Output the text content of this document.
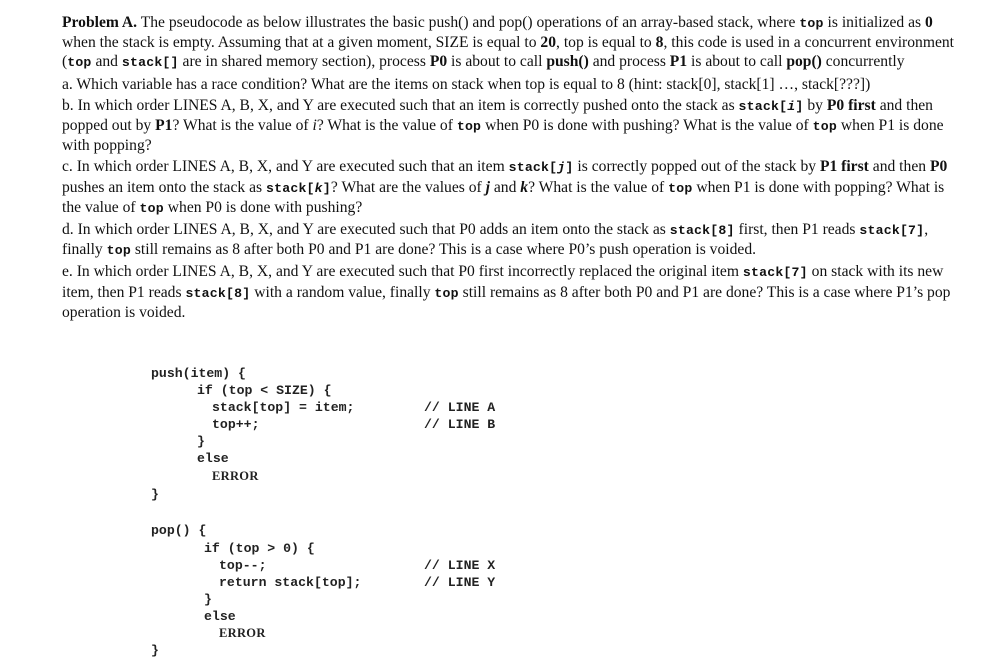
Problem A. The pseudocode as below illustrates the basic push() and pop() operations of an array-based stack, where top is initialized as 0 when the stack is empty. Assuming that at a given moment, SIZE is equal to 20, top is equal to 8, this code is used in a concurrent environment (top and stack[] are in shared memory section), process P0 is about to call push() and process P1 is about to call pop() concurrently

a. Which variable has a race condition? What are the items on stack when top is equal to 8 (hint: stack[0], stack[1] …, stack[???])

b. In which order LINES A, B, X, and Y are executed such that an item is correctly pushed onto the stack as stack[i] by P0 first and then popped out by P1? What is the value of i? What is the value of top when P0 is done with pushing? What is the value of top when P1 is done with popping?

c. In which order LINES A, B, X, and Y are executed such that an item stack[j] is correctly popped out of the stack by P1 first and then P0 pushes an item onto the stack as stack[k]? What are the values of j and k? What is the value of top when P1 is done with popping? What is the value of top when P0 is done with pushing?

d. In which order LINES A, B, X, and Y are executed such that P0 adds an item onto the stack as stack[8] first, then P1 reads stack[7], finally top still remains as 8 after both P0 and P1 are done? This is a case where P0’s push operation is voided.

e. In which order LINES A, B, X, and Y are executed such that P0 first incorrectly replaced the original item stack[7] on stack with its new item, then P1 reads stack[8] with a random value, finally top still remains as 8 after both P0 and P1 are done? This is a case where P1’s pop operation is voided.

push(item) {

if (top < SIZE) {

stack[top] = item;

	// LINE A

top++;

	// LINE B

}

else

ERROR

}

pop() {

if (top > 0) {

top--;

	// LINE X

return stack[top];

	// LINE Y

}

else

ERROR

}
